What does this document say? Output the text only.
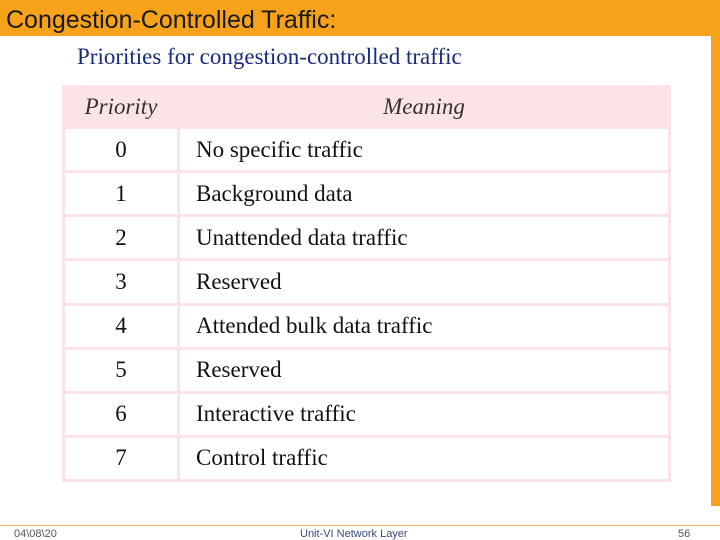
Congestion-Controlled Traffic:
Priorities for congestion-controlled traffic
Priority	Meaning
0	No specific traffic
1	Background data
2	Unattended data traffic
3	Reserved
4	Attended bulk data traffic
5	Reserved
6	Interactive traffic
7	Control traffic
04\08\20	Unit-VI Network Layer	56
